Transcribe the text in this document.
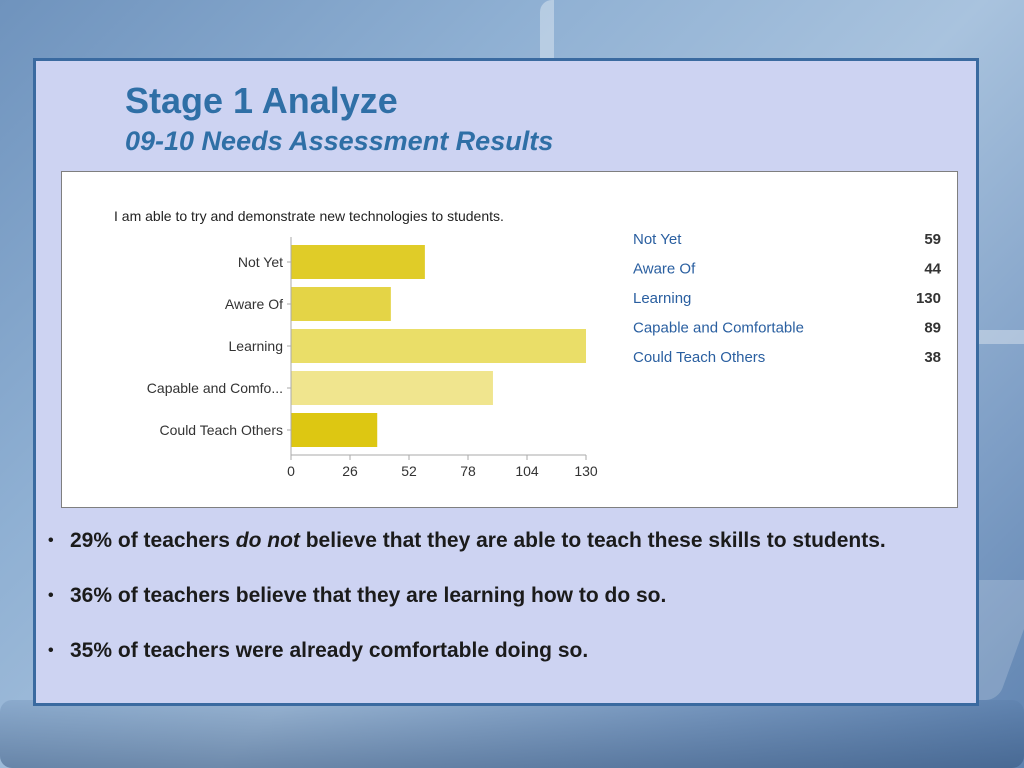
Stage 1 Analyze
09-10 Needs Assessment Results
I am able to try and demonstrate new technologies to students.
Not Yet
Aware Of
Learning
Capable and Comfo...
Could Teach Others
0	26	52	78	104	130
Not Yet	59
Aware Of	44
Learning	130
Capable and Comfortable	89
Could Teach Others	38
• 29% of teachers do not believe that they are able to teach these skills to students.
• 36% of teachers believe that they are learning how to do so.
• 35% of teachers were already comfortable doing so.
